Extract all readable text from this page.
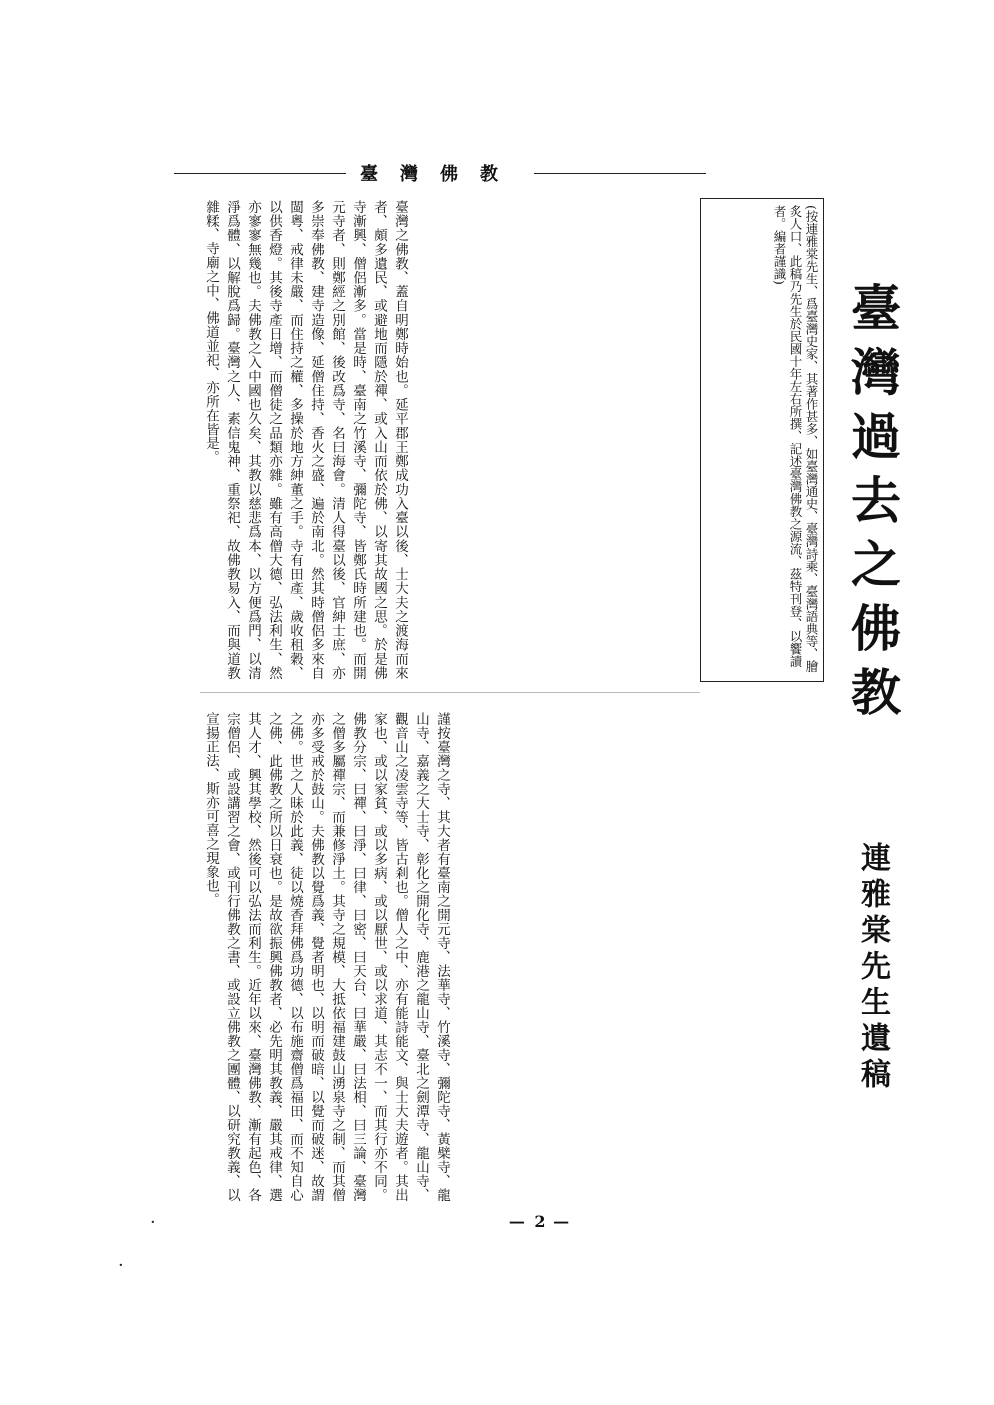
臺灣佛教
臺灣過去之佛教
連雅棠先生遺稿
(按連雅棠先生、爲臺灣史家、其著作甚多、如臺灣通史、臺灣詩乘、臺灣語典等、膾炙人口、此稿乃先生於民國十年左右所撰、記述臺灣佛教之源流、茲特刊登、以饗讀者。編者謹識)
臺灣之佛教、蓋自明鄭時始也。延平郡王鄭成功入臺以後、士大夫之渡海而來者、頗多遺民、或避地而隱於禪、或入山而依於佛、以寄其故國之思。於是佛寺漸興、僧侶漸多。當是時、臺南之竹溪寺、彌陀寺、皆鄭氏時所建也。而開元寺者、則鄭經之別館、後改爲寺、名曰海會。清人得臺以後、官紳士庶、亦多崇奉佛教、建寺造像、延僧住持、香火之盛、遍於南北。然其時僧侶多來自閩粵、戒律未嚴、而住持之權、多操於地方紳董之手。寺有田產、歲收租穀、以供香燈。其後寺產日增、而僧徒之品類亦雜。雖有高僧大德、弘法利生、然亦寥寥無幾也。夫佛教之入中國也久矣、其教以慈悲爲本、以方便爲門、以清淨爲體、以解脫爲歸。臺灣之人、素信鬼神、重祭祀、故佛教易入、而與道教雜糅、寺廟之中、佛道並祀、亦所在皆是。
謹按臺灣之寺、其大者有臺南之開元寺、法華寺、竹溪寺、彌陀寺、黃檗寺、龍山寺、嘉義之大士寺、彰化之開化寺、鹿港之龍山寺、臺北之劍潭寺、龍山寺、觀音山之凌雲寺等、皆古剎也。僧人之中、亦有能詩能文、與士大夫遊者。其出家也、或以家貧、或以多病、或以厭世、或以求道、其志不一、而其行亦不同。佛教分宗、曰禪、曰淨、曰律、曰密、曰天台、曰華嚴、曰法相、曰三論、臺灣之僧多屬禪宗、而兼修淨土。其寺之規模、大抵依福建鼓山湧泉寺之制、而其僧亦多受戒於鼓山。夫佛教以覺爲義、覺者明也、以明而破暗、以覺而破迷、故謂之佛。世之人昧於此義、徒以燒香拜佛爲功德、以布施齋僧爲福田、而不知自心之佛、此佛教之所以日衰也。是故欲振興佛教者、必先明其教義、嚴其戒律、選其人才、興其學校、然後可以弘法而利生。近年以來、臺灣佛教、漸有起色、各宗僧侶、或設講習之會、或刊行佛教之書、或設立佛教之團體、以研究教義、以宣揚正法、斯亦可喜之現象也。
— 2 —
·
·
